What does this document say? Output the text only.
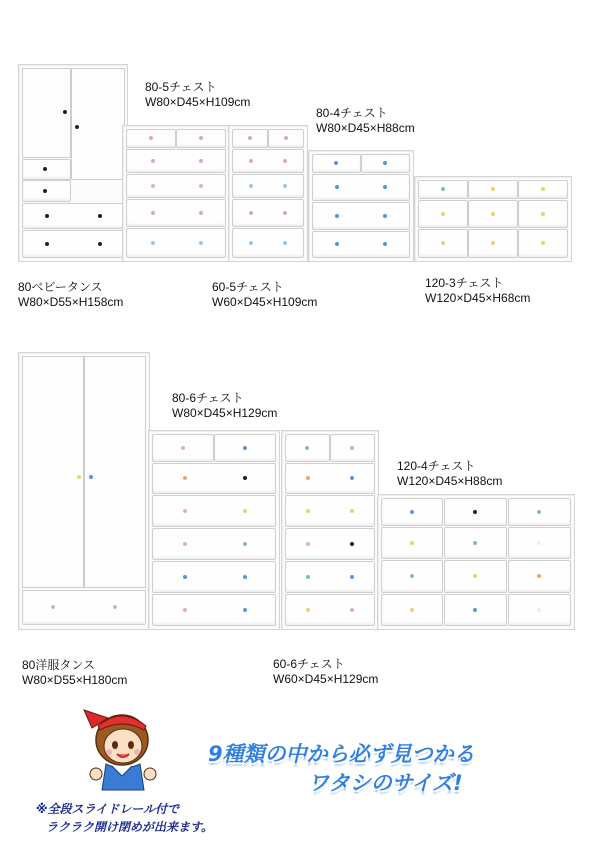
80-5チェスト
W80×D45×H109cm
80-4チェスト
W80×D45×H88cm
80ベビータンス
W80×D55×H158cm
60-5チェスト
W60×D45×H109cm
120-3チェスト
W120×D45×H68cm
80-6チェスト
W80×D45×H129cm
120-4チェスト
W120×D45×H88cm
80洋服タンス
W80×D55×H180cm
60-6チェスト
W60×D45×H129cm
9種類の中から必ず見つかる
ワタシのサイズ!
※全段スライドレール付で
ラクラク開け閉めが出来ます。
